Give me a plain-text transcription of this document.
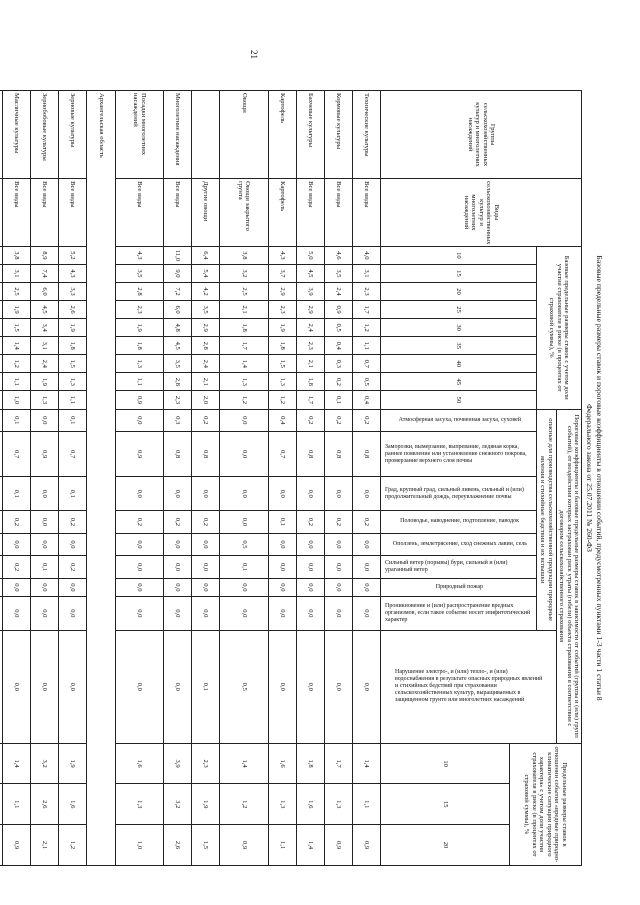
21
Базовые предельные размеры ставок и пороговые коэффициенты в отношении событий, предусмотренных пунктами 1-3 части 1 статьи 8
Федерального закона от 25.07.2011 № 260-ФЗ
Группы сельскохозяйственных культур и многолетних насаждений	Виды сельскохозяйственных культур и многолетних насаждений	Базовые предельные размеры ставок с учетом доли участия страхователя в риске (в процентах от страховой суммы), %									Пороговые коэффициенты и базовые предельные размеры ставок в зависимости от событий (группы и (или) групп событий), от воздействия которых застрахован риск утраты (гибели) объекта страхования в соответствии с договором сельскохозяйственного страхования									Предельные размеры ставок в отношении события «вредные природно-климатические ситуации природного характера» с учетом доли участия страхователя в риске (в процентах от страховой суммы), %		
											опасные для производства сельскохозяйственной продукции природные явления и стихийные бедствия и их вспышки								Нарушение электро-, и (или) тепло-, и (или) водоснабжения в результате опасных природных явлений и стихийных бедствий при страховании сельскохозяйственных культур, выращиваемых в защищенном грунте или многолетних насаждений			
		10	15	20	25	30	35	40	45	50	Атмосферная засуха, почвенная засуха, суховей	Заморозки, вымерзание, выпревание, ледяная корка, раннее появление или установление снежного покрова, промерзание верхнего слоя почвы	Град, крупный град, сильный ливень, сильный и (или) продолжительный дождь, переувлажнение почвы	Половодье, наводнение, подтопление, паводок	Оползень, землетрясение, сход снежных лавин, сель	Сильный ветер (порывы) бури, сильный и (или) ураганный ветер	Природный пожар	Проникновение и (или) распространение вредных организмов, если такое событие носит эпифитотический характер				
																				10	15	20
Технические культуры	Все виды	4,0	3,1	2,3	1,7	1,2	1,1	0,7	0,5	0,4	0,2	0,8	0,0	0,2	0,0	0,0	0,0	0,0	0,0	1,4	1,1	0,9
Кормовые культуры	Все виды	4,6	3,5	2,4	0,9	0,5	0,4	0,3	0,2	0,1	0,2	0,8	0,0	0,2	0,0	0,0	0,0	0,0	0,0	1,7	1,3	0,9
Бахчевые культуры	Все виды	5,0	4,5	3,9	2,9	2,4	2,3	2,1	1,8	1,7	0,2	0,8	0,0	0,2	0,0	0,0	0,0	0,0	0,0	1,8	1,6	1,4
Картофель	Картофель	4,3	3,7	2,9	2,3	1,9	1,8	1,5	1,3	1,2	0,4	0,7	0,0	0,1	0,0	0,0	0,0	0,0	0,0	1,6	1,3	1,1
Овощи	Овощи закрытого грунта	3,8	3,2	2,5	2,1	1,8	1,7	1,4	1,3	1,2	0,0	0,0	0,0	0,0	0,5	0,1	0,0	0,0	0,5	1,4	1,2	0,9
	Другие овощи	6,4	5,4	4,2	3,5	2,9	2,8	2,4	2,1	2,0	0,2	0,8	0,0	0,2	0,0	0,0	0,0	0,0	0,1	2,3	1,9	1,5
Многолетние насаждения	Все виды	11,0	9,0	7,2	6,0	4,8	4,5	3,5	2,8	2,3	0,3	0,8	0,0	0,2	0,0	0,0	0,0	0,0	0,0	3,9	3,2	2,6
Посадки многолетних насаждений	Все виды	4,3	3,5	2,8	2,3	1,9	1,8	1,3	1,1	0,9	0,0	0,9	0,0	0,2	0,0	0,0	0,0	0,0	0,0	1,6	1,3	1,0
Архангельская область																						
Зерновые культуры	Все виды	5,2	4,3	3,3	2,6	1,9	1,8	1,5	1,3	1,1	0,1	0,7	0,1	0,2	0,0	0,2	0,0	0,0	0,0	1,9	1,6	1,2
Зернобобовые культуры	Все виды	8,9	7,4	6,0	4,5	3,4	3,1	2,4	1,9	1,3	0,0	0,9	0,0	0,0	0,0	0,1	0,0	0,0	0,0	3,2	2,6	2,1
Масличные культуры	Все виды	3,8	3,1	2,5	1,9	1,5	1,4	1,2	1,1	1,0	0,1	0,7	0,1	0,2	0,0	0,2	0,0	0,0	0,0	1,4	1,1	0,9
